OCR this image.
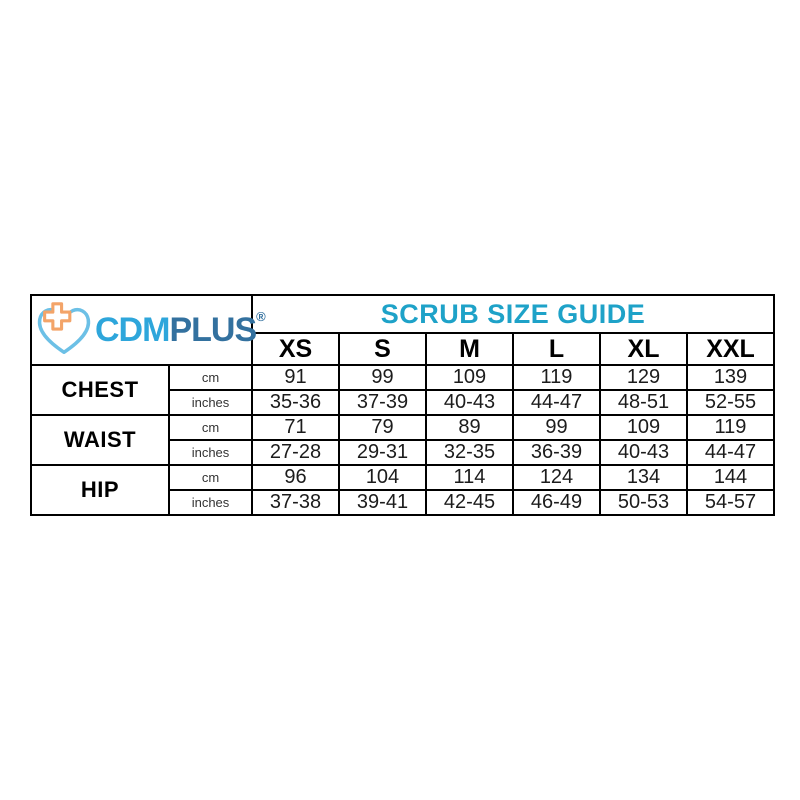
CDMPLUS®		SCRUB SIZE GUIDE					
		XS	S	M	L	XL	XXL
CHEST	cm	91	99	109	119	129	139
	inches	35-36	37-39	40-43	44-47	48-51	52-55
WAIST	cm	71	79	89	99	109	119
	inches	27-28	29-31	32-35	36-39	40-43	44-47
HIP	cm	96	104	114	124	134	144
	inches	37-38	39-41	42-45	46-49	50-53	54-57
